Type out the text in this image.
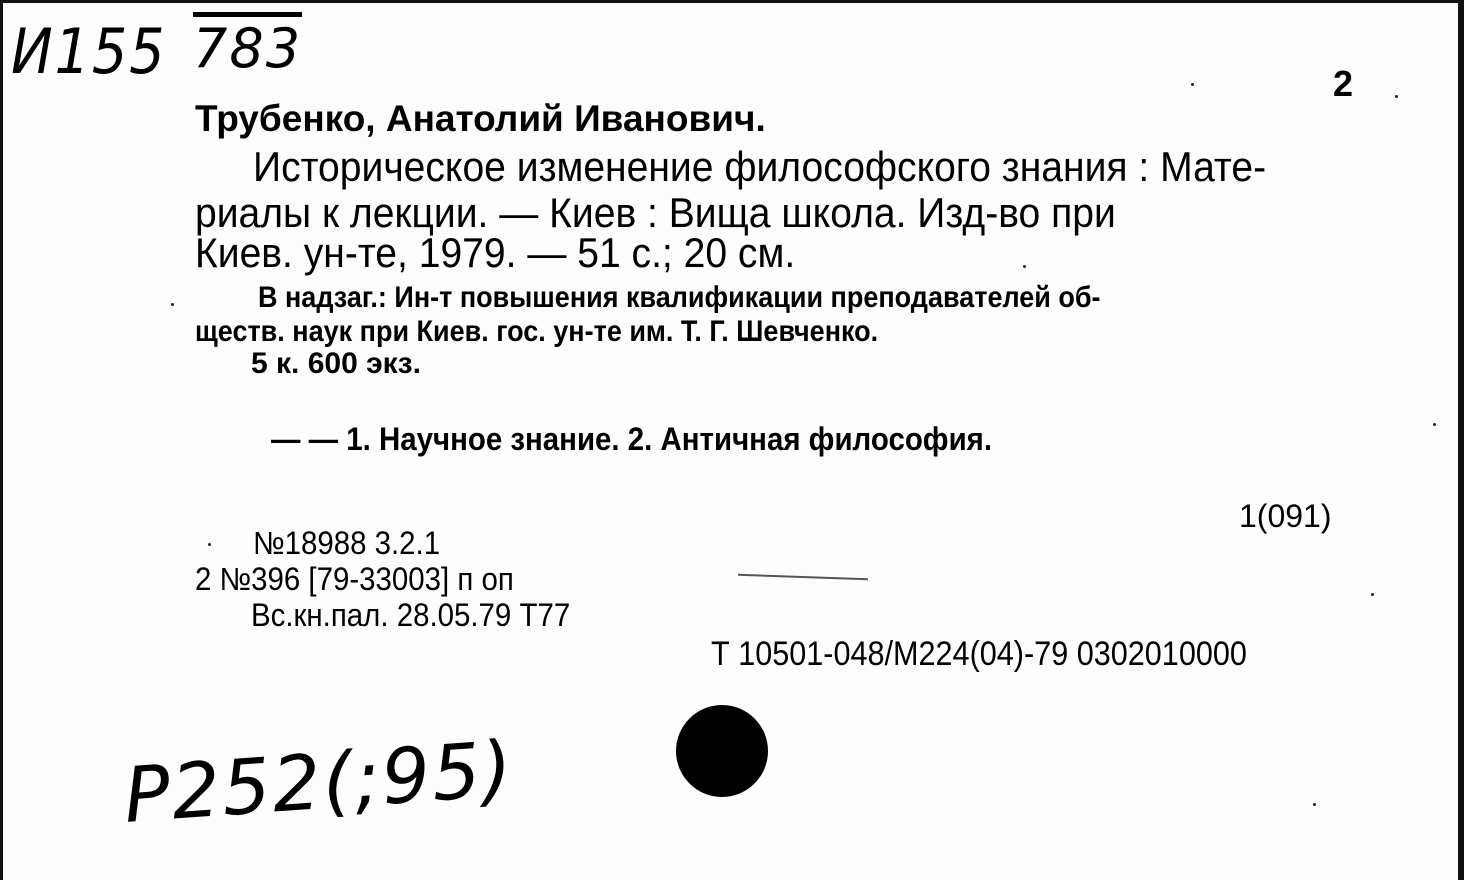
И155 783
2
Трубенко, Анатолий Иванович.
Историческое изменение философского знания : Мате-
риалы к лекции. — Киев : Вища школа. Изд-во при
Киев. ун-те, 1979. — 51 с.; 20 см.
В надзаг.: Ин-т повышения квалификации преподавателей об-
ществ. наук при Киев. гос. ун-те им. Т. Г. Шевченко.
5 к. 600 экз.
— — 1. Научное знание. 2. Античная философия.
1(091)
№18988 3.2.1
2 №396 [79-33003] п оп
Вс.кн.пал. 28.05.79 Т77
Т 10501-048/М224(04)-79 0302010000
Р252(;95)
